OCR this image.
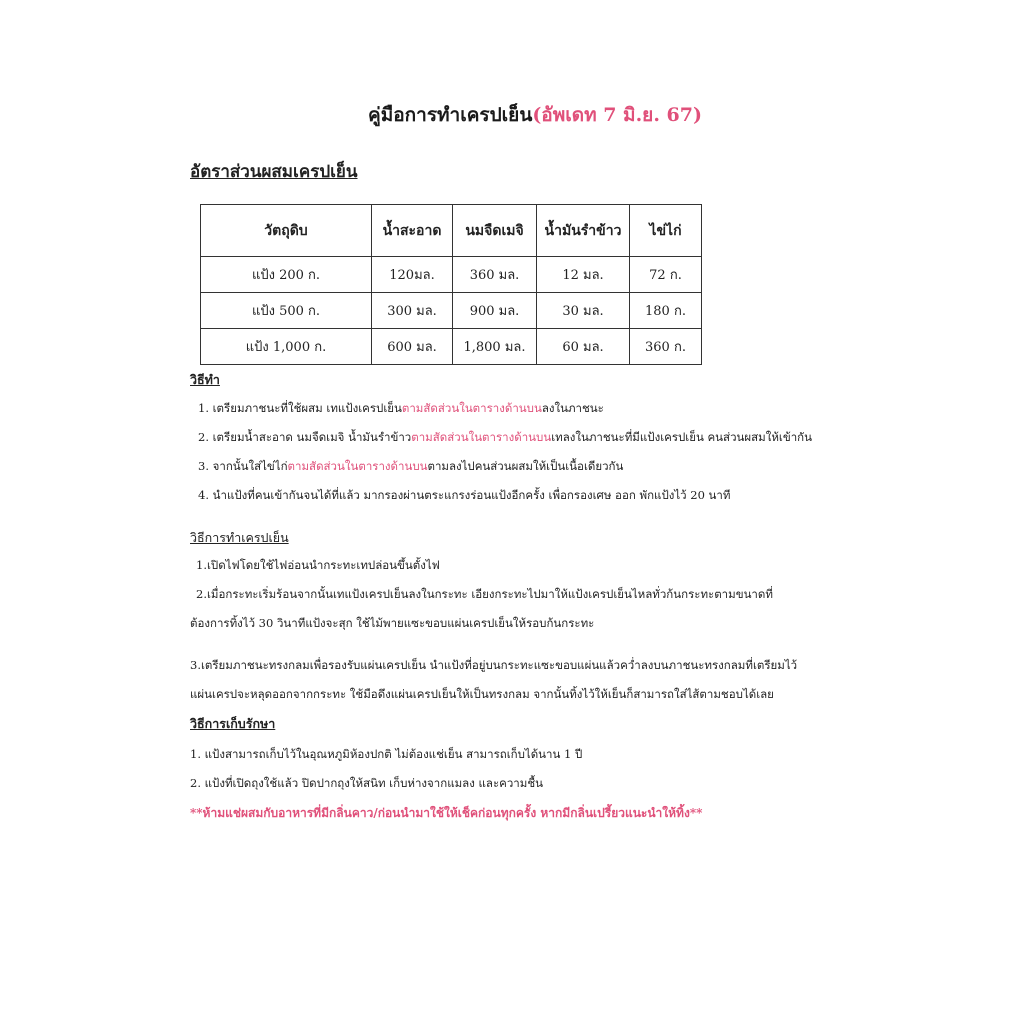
คู่มือการทำเครปเย็น(อัพเดท 7 มิ.ย. 67)
อัตราส่วนผสมเครปเย็น
วัตถุดิบ	น้ำสะอาด	นมจืดเมจิ	น้ำมันรำข้าว	ไข่ไก่
แป้ง 200 ก.	120มล.	360 มล.	12 มล.	72 ก.
แป้ง 500 ก.	300 มล.	900 มล.	30 มล.	180 ก.
แป้ง 1,000 ก.	600 มล.	1,800 มล.	60 มล.	360 ก.
วิธีทำ
1. เตรียมภาชนะที่ใช้ผสม เทแป้งเครปเย็นตามสัดส่วนในตารางด้านบนลงในภาชนะ
2. เตรียมน้ำสะอาด นมจืดเมจิ น้ำมันรำข้าวตามสัดส่วนในตารางด้านบนเทลงในภาชนะที่มีแป้งเครปเย็น คนส่วนผสมให้เข้ากัน
3. จากนั้นใส่ไข่ไก่ตามสัดส่วนในตารางด้านบนตามลงไปคนส่วนผสมให้เป็นเนื้อเดียวกัน
4. นำแป้งที่คนเข้ากันจนได้ที่แล้ว มากรองผ่านตระแกรงร่อนแป้งอีกครั้ง เพื่อกรองเศษ ออก พักแป้งไว้ 20 นาที
วิธีการทำเครปเย็น
1.เปิดไฟโดยใช้ไฟอ่อนนำกระทะเทปล่อนขึ้นตั้งไฟ
2.เมื่อกระทะเริ่มร้อนจากนั้นเทแป้งเครปเย็นลงในกระทะ เอียงกระทะไปมาให้แป้งเครปเย็นไหลทั่วก้นกระทะตามขนาดที่
ต้องการทิ้งไว้ 30 วินาทีแป้งจะสุก ใช้ไม้พายแซะขอบแผ่นเครปเย็นให้รอบก้นกระทะ
3.เตรียมภาชนะทรงกลมเพื่อรองรับแผ่นเครปเย็น นำแป้งที่อยู่บนกระทะแซะขอบแผ่นแล้วคว่ำลงบนภาชนะทรงกลมที่เตรียมไว้
แผ่นเครปจะหลุดออกจากกระทะ ใช้มือดึงแผ่นเครปเย็นให้เป็นทรงกลม จากนั้นทิ้งไว้ให้เย็นก็สามารถใส่ไส้ตามชอบได้เลย
วิธีการเก็บรักษา
1. แป้งสามารถเก็บไว้ในอุณหภูมิห้องปกติ ไม่ต้องแช่เย็น สามารถเก็บได้นาน 1 ปี
2. แป้งที่เปิดถุงใช้แล้ว ปิดปากถุงให้สนิท เก็บห่างจากแมลง และความชื้น
**ห้ามแช่ผสมกับอาหารที่มีกลิ่นคาว/ก่อนนำมาใช้ให้เช็คก่อนทุกครั้ง หากมีกลิ่นเปรี้ยวแนะนำให้ทิ้ง**
